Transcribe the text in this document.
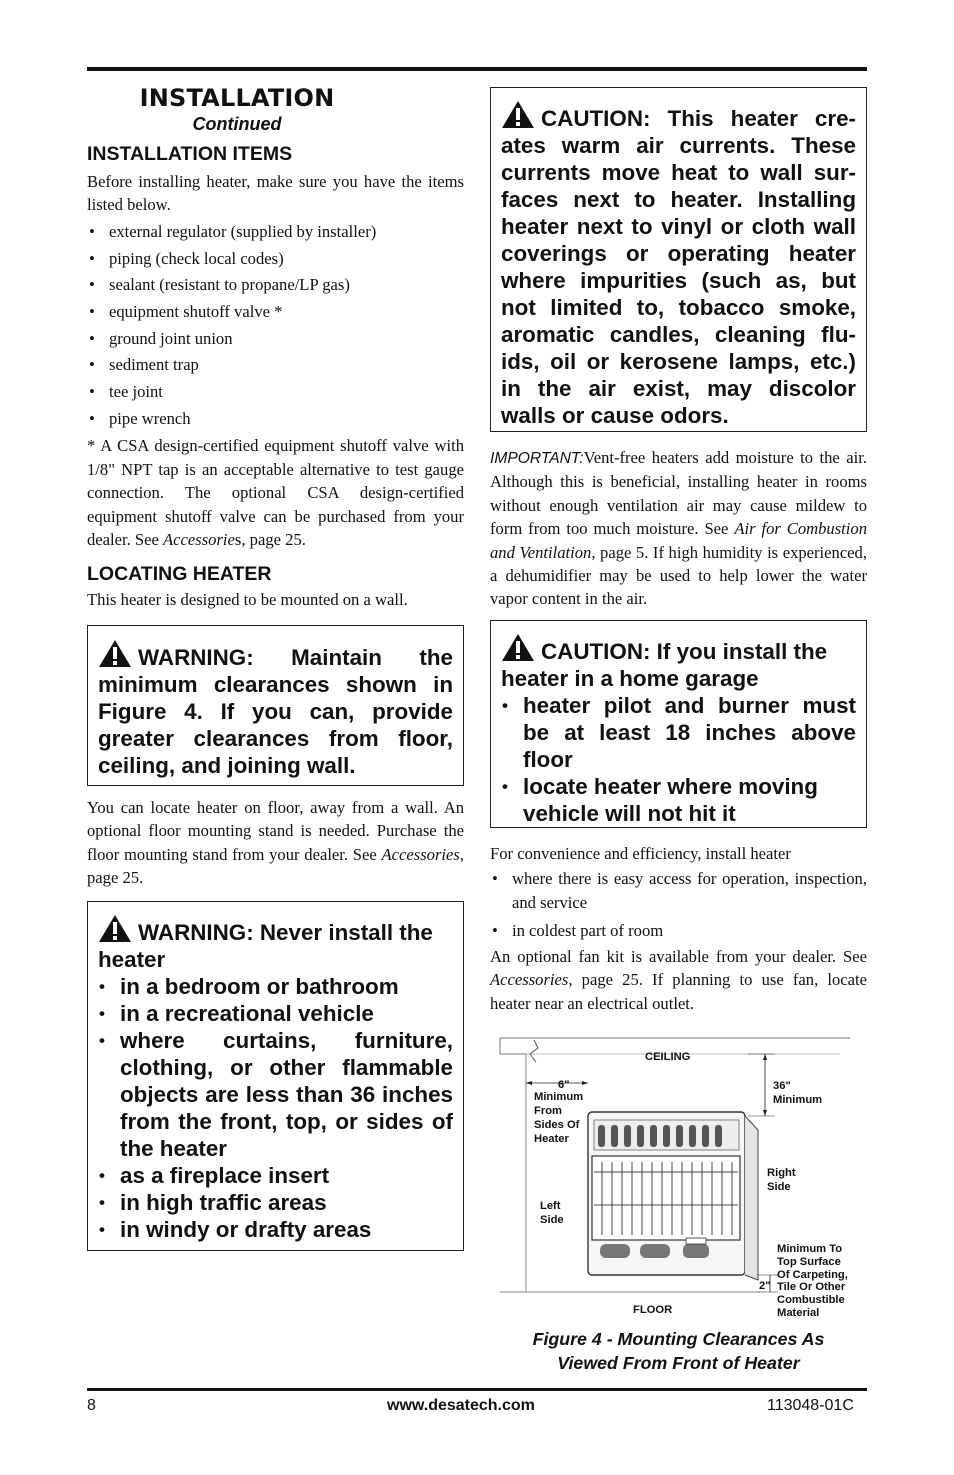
INSTALLATION
Continued
INSTALLATION ITEMS

Before installing heater, make sure you have the items listed below.

• external regulator (supplied by installer)
• piping (check local codes)
• sealant (resistant to propane/LP gas)
• equipment shutoff valve *
• ground joint union
• sediment trap
• tee joint
• pipe wrench

* A CSA design-certified equipment shutoff valve with 1/8" NPT tap is an acceptable alternative to test gauge connection. The optional CSA design-certified equipment shutoff valve can be purchased from your dealer. See Accessories, page 25.

LOCATING HEATER

This heater is designed to be mounted on a wall.

WARNING: Maintain the
minimum clearances shown in
Figure 4. If you can, provide
greater clearances from floor,
ceiling, and joining wall.

You can locate heater on floor, away from a wall. An optional floor mounting stand is needed. Purchase the floor mounting stand from your dealer. See Accessories, page 25.

WARNING: Never install the
heater
• in a bedroom or bathroom
• in a recreational vehicle
• where curtains, furniture, clothing, or other flammable objects are less than 36 inches from the front, top, or sides of the heater
• as a fireplace insert
• in high traffic areas
• in windy or drafty areas
CAUTION: This heater cre-
ates warm air currents. These
currents move heat to wall sur-
faces next to heater. Installing
heater next to vinyl or cloth wall
coverings or operating heater
where impurities (such as, but
not limited to, tobacco smoke,
aromatic candles, cleaning flu-
ids, oil or kerosene lamps, etc.)
in the air exist, may discolor
walls or cause odors.

IMPORTANT:Vent-free heaters add moisture to the air. Although this is beneficial, installing heater in rooms without enough ventilation air may cause mildew to form from too much moisture. See Air for Combustion and Ventilation, page 5. If high humidity is experienced, a dehumidifier may be used to help lower the water vapor content in the air.

CAUTION: If you install the
heater in a home garage
• heater pilot and burner must be at least 18 inches above floor
• locate heater where moving vehicle will not hit it

For convenience and efficiency, install heater

• where there is easy access for operation, inspection, and service
• in coldest part of room

An optional fan kit is available from your dealer. See Accessories, page 25. If planning to use fan, locate heater near an electrical outlet.

CEILING
6"
Minimum
From
Sides Of
Heater
36"
Minimum
Right
Side
Left
Side
FLOOR
2"
Minimum To
Top Surface
Of Carpeting,
Tile Or Other
Combustible
Material
Figure 4 - Mounting Clearances As
Viewed From Front of Heater
8	www.desatech.com	113048-01C
